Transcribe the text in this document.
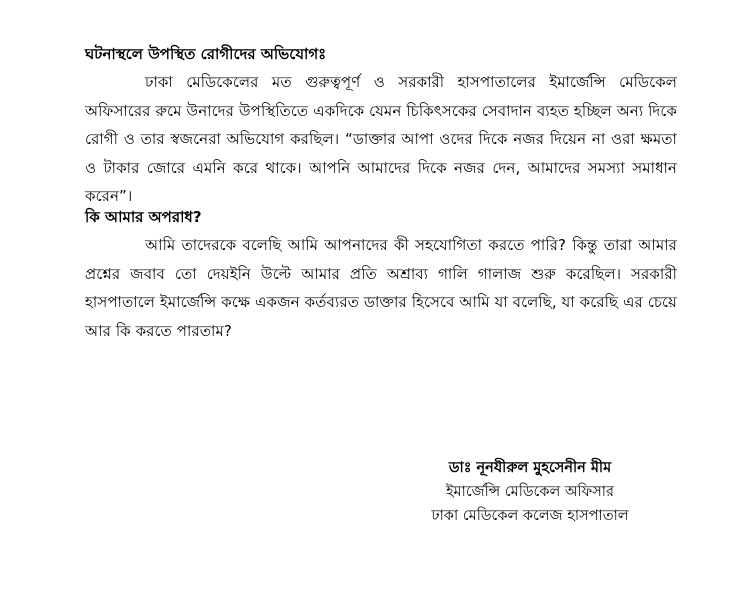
ঘটনাস্থলে উপস্থিত রোগীদের অভিযোগঃ

ঢাকা মেডিকেলের মত গুরুত্বপূর্ণ ও সরকারী হাসপাতালের ইমার্জেন্সি মেডিকেল অফিসারের রুমে উনাদের উপস্থিতিতে একদিকে যেমন চিকিৎসকের সেবাদান ব্যহত হচ্ছিল অন্য দিকে রোগী ও তার স্বজনেরা অভিযোগ করছিল। “ডাক্তার আপা ওদের দিকে নজর দিয়েন না ওরা ক্ষমতা ও টাকার জোরে এমনি করে থাকে। আপনি আমাদের দিকে নজর দেন, আমাদের সমস্যা সমাধান করেন”।

কি আমার অপরাধ?

আমি তাদেরকে বলেছি আমি আপনাদের কী সহযোগিতা করতে পারি? কিন্তু তারা আমার প্রশ্নের জবাব তো দেয়ইনি উল্টে আমার প্রতি অশ্রাব্য গালি গালাজ শুরু করেছিল। সরকারী হাসপাতালে ইমার্জেন্সি কক্ষে একজন কর্তব্যরত ডাক্তার হিসেবে আমি যা বলেছি, যা করেছি এর চেয়ে আর কি করতে পারতাম?

ডাঃ নূনযীরুল মুহসেনীন মীম
ইমার্জেন্সি মেডিকেল অফিসার
ঢাকা মেডিকেল কলেজ হাসপাতাল
